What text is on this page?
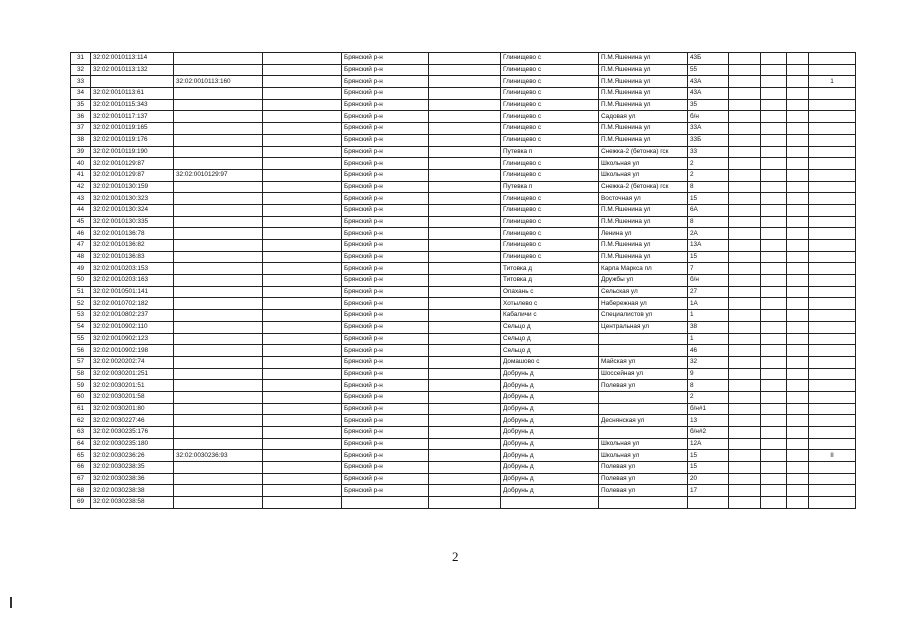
31	32:02:0010113:114			Брянский р-н		Глинищево с	П.М.Яшенина ул	43Б				
32	32:02:0010113:132			Брянский р-н		Глинищево с	П.М.Яшенина ул	55				
33		32:02:0010113:160		Брянский р-н		Глинищево с	П.М.Яшенина ул	43А				1
34	32:02:0010113:61			Брянский р-н		Глинищево с	П.М.Яшенина ул	43А				
35	32:02:0010115:343			Брянский р-н		Глинищево с	П.М.Яшенина ул	35				
36	32:02:0010117:137			Брянский р-н		Глинищево с	Садовая ул	б/н				
37	32:02:0010119:165			Брянский р-н		Глинищево с	П.М.Яшенина ул	33А				
38	32:02:0010119:176			Брянский р-н		Глинищево с	П.М.Яшенина ул	33Б				
39	32:02:0010119:190			Брянский р-н		Путевка п	Снежка-2 (бетонка) гск	33				
40	32:02:0010129:87			Брянский р-н		Глинищево с	Школьная ул	2				
41	32:02:0010129:87	32:02:0010129:97		Брянский р-н		Глинищево с	Школьная ул	2				
42	32:02:0010130:159			Брянский р-н		Путевка п	Снежка-2 (бетонка) гск	8				
43	32:02:0010130:323			Брянский р-н		Глинищево с	Восточная ул	15				
44	32:02:0010130:324			Брянский р-н		Глинищево с	П.М.Яшенина ул	6А				
45	32:02:0010130:335			Брянский р-н		Глинищево с	П.М.Яшенина ул	8				
46	32:02:0010136:78			Брянский р-н		Глинищево с	Ленина ул	2А				
47	32:02:0010136:82			Брянский р-н		Глинищево с	П.М.Яшенина ул	13А				
48	32:02:0010136:83			Брянский р-н		Глинищево с	П.М.Яшенина ул	15				
49	32:02:0010203:153			Брянский р-н		Титовка д	Карла Маркса пл	7				
50	32:02:0010203:163			Брянский р-н		Титовка д	Дружбы ул	б/н				
51	32:02:0010501:141			Брянский р-н		Опахань с	Сельская ул	27				
52	32:02:0010702:182			Брянский р-н		Хотылево с	Набережная ул	1А				
53	32:02:0010802:237			Брянский р-н		Кабаличи с	Специалистов ул	1				
54	32:02:0010902:110			Брянский р-н		Сельцо д	Центральная ул	38				
55	32:02:0010902:123			Брянский р-н		Сельцо д		1				
56	32:02:0010902:198			Брянский р-н		Сельцо д		46				
57	32:02:0020202:74			Брянский р-н		Домашово с	Майская ул	32				
58	32:02:0030201:251			Брянский р-н		Добрунь д	Шоссейная ул	9				
59	32:02:0030201:51			Брянский р-н		Добрунь д	Полевая ул	8				
60	32:02:0030201:58			Брянский р-н		Добрунь д		2				
61	32:02:0030201:80			Брянский р-н		Добрунь д		б/н#1				
62	32:02:0030227:46			Брянский р-н		Добрунь д	Деснянская ул	13				
63	32:02:0030235:176			Брянский р-н		Добрунь д		б/н#2				
64	32:02:0030235:180			Брянский р-н		Добрунь д	Школьная ул	12А				
65	32:02:0030236:26	32:02:0030236:93		Брянский р-н		Добрунь д	Школьная ул	15				II
66	32:02:0030238:35			Брянский р-н		Добрунь д	Полевая ул	15				
67	32:02:0030238:36			Брянский р-н		Добрунь д	Полевая ул	20				
68	32:02:0030238:38			Брянский р-н		Добрунь д	Полевая ул	17				
69	32:02:0030238:58											
2
